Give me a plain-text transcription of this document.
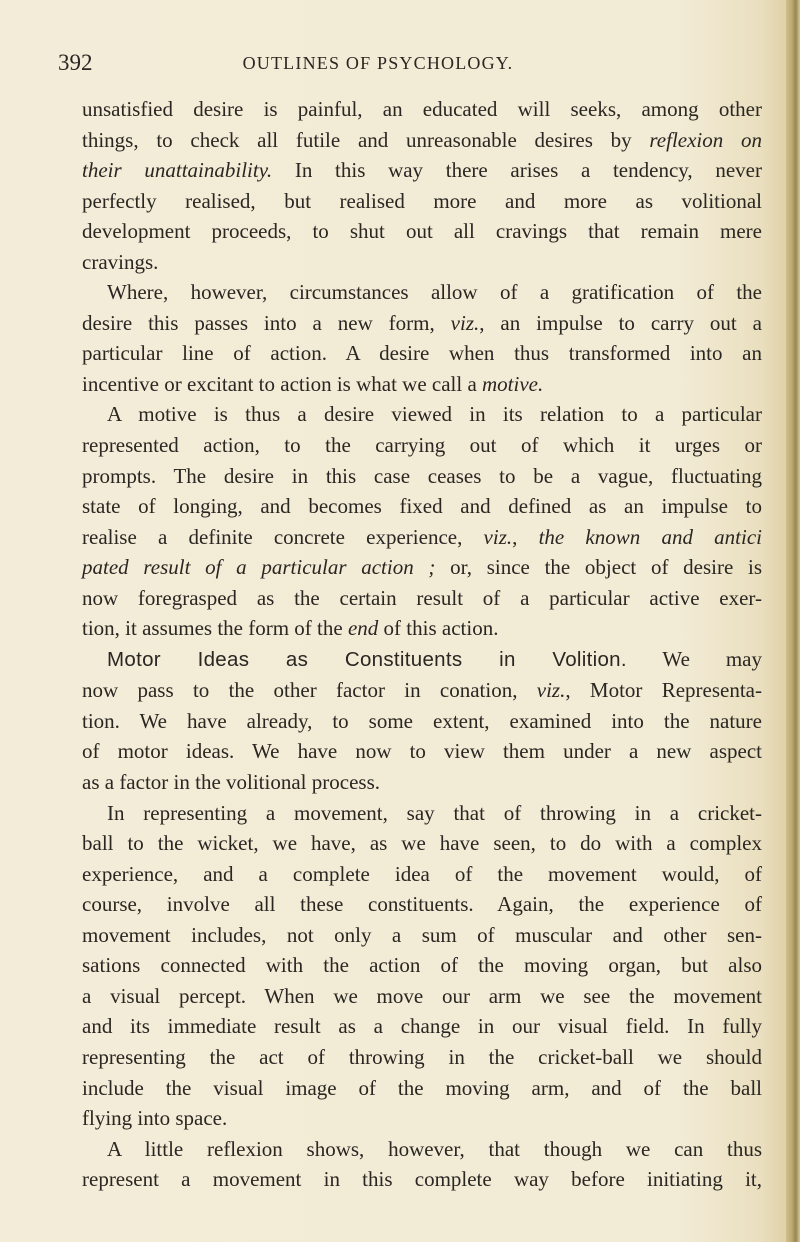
392	OUTLINES OF PSYCHOLOGY.
unsatisfied desire is painful, an educated will seeks, among other
things, to check all futile and unreasonable desires by reflexion on
their unattainability. In this way there arises a tendency, never
perfectly realised, but realised more and more as volitional
development proceeds, to shut out all cravings that remain mere
cravings.
Where, however, circumstances allow of a gratification of the
desire this passes into a new form, viz., an impulse to carry out a
particular line of action. A desire when thus transformed into an
incentive or excitant to action is what we call a motive.
A motive is thus a desire viewed in its relation to a particular
represented action, to the carrying out of which it urges or
prompts. The desire in this case ceases to be a vague, fluctuating
state of longing, and becomes fixed and defined as an impulse to
realise a definite concrete experience, viz., the known and antici
pated result of a particular action ; or, since the object of desire is
now foregrasped as the certain result of a particular active exer-
tion, it assumes the form of the end of this action.
Motor Ideas as Constituents in Volition. We may
now pass to the other factor in conation, viz., Motor Representa-
tion. We have already, to some extent, examined into the nature
of motor ideas. We have now to view them under a new aspect
as a factor in the volitional process.
In representing a movement, say that of throwing in a cricket-
ball to the wicket, we have, as we have seen, to do with a complex
experience, and a complete idea of the movement would, of
course, involve all these constituents. Again, the experience of
movement includes, not only a sum of muscular and other sen-
sations connected with the action of the moving organ, but also
a visual percept. When we move our arm we see the movement
and its immediate result as a change in our visual field. In fully
representing the act of throwing in the cricket-ball we should
include the visual image of the moving arm, and of the ball
flying into space.
A little reflexion shows, however, that though we can thus
represent a movement in this complete way before initiating it,
